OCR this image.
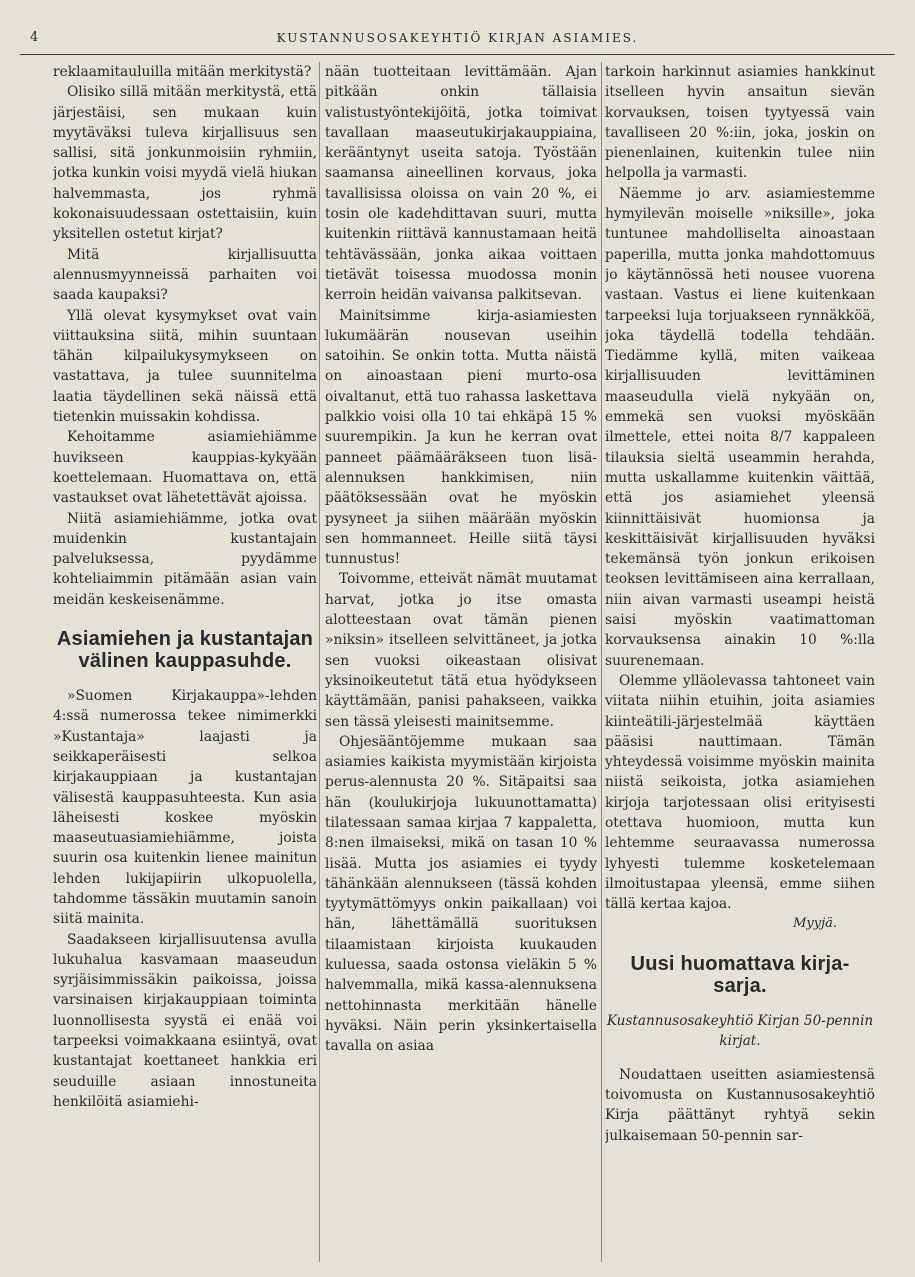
4	KUSTANNUSOSAKEYHTIÖ KIRJAN ASIAMIES.

reklaamitauluilla mitään merkitystä?

Olisiko sillä mitään merkitystä, että järjestäisi, sen mukaan kuin myytäväksi tuleva kirjallisuus sen sallisi, sitä jonkunmoisiin ryhmiin, jotka kunkin voisi myydä vielä hiukan halvemmasta, jos ryhmä kokonaisuudessaan ostettaisiin, kuin yksitellen ostetut kirjat?

Mitä kirjallisuutta alennusmyynneissä parhaiten voi saada kaupaksi?

Yllä olevat kysymykset ovat vain viittauksina siitä, mihin suuntaan tähän kilpailukysymykseen on vastattava, ja tulee suunnitelma laatia täydellinen sekä näissä että tietenkin muissakin kohdissa.

Kehoitamme asiamiehiämme huvikseen kauppias-kykyään koettelemaan. Huomattava on, että vastaukset ovat lähetettävät ajoissa.

Niitä asiamiehiämme, jotka ovat muidenkin kustantajain palveluksessa, pyydämme kohteliaimmin pitämään asian vain meidän keskeisenämme.

Asiamiehen ja kustantajan
välinen kauppasuhde.

»Suomen Kirjakauppa»-lehden 4:ssä numerossa tekee nimimerkki »Kustantaja» laajasti ja seikkaperäisesti selkoa kirjakauppiaan ja kustantajan välisestä kauppasuhteesta. Kun asia läheisesti koskee myöskin maaseutuasiamiehiämme, joista suurin osa kuitenkin lienee mainitun lehden lukijapiirin ulkopuolella, tahdomme tässäkin muutamin sanoin siitä mainita.

Saadakseen kirjallisuutensa avulla lukuhalua kasvamaan maaseudun syrjäisimmissäkin paikoissa, joissa varsinaisen kirjakauppiaan toiminta luonnollisesta syystä ei enää voi tarpeeksi voimakkaana esiintyä, ovat kustantajat koettaneet hankkia eri seuduille asiaan innostuneita henkilöitä asiamiehi-

nään tuotteitaan levittämään. Ajan pitkään onkin tällaisia valistustyöntekijöitä, jotka toimivat tavallaan maaseutukirjakauppiaina, kerääntynyt useita satoja. Työstään saamansa aineellinen korvaus, joka tavallisissa oloissa on vain 20 %, ei tosin ole kadehdittavan suuri, mutta kuitenkin riittävä kannustamaan heitä tehtävässään, jonka aikaa voittaen tietävät toisessa muodossa monin kerroin heidän vaivansa palkitsevan.

Mainitsimme kirja-asiamiesten lukumäärän nousevan useihin satoihin. Se onkin totta. Mutta näistä on ainoastaan pieni murto-osa oivaltanut, että tuo rahassa laskettava palkkio voisi olla 10 tai ehkäpä 15 % suurempikin. Ja kun he kerran ovat panneet päämääräkseen tuon lisä-alennuksen hankkimisen, niin päätöksessään ovat he myöskin pysyneet ja siihen määrään myöskin sen hommanneet. Heille siitä täysi tunnustus!

Toivomme, etteivät nämät muutamat harvat, jotka jo itse omasta alotteestaan ovat tämän pienen »niksin» itselleen selvittäneet, ja jotka sen vuoksi oikeastaan olisivat yksinoikeutetut tätä etua hyödykseen käyttämään, panisi pahakseen, vaikka sen tässä yleisesti mainitsemme.

Ohjesääntöjemme mukaan saa asiamies kaikista myymistään kirjoista perus-alennusta 20 %. Sitäpaitsi saa hän (koulukirjoja lukuunottamatta) tilatessaan samaa kirjaa 7 kappaletta, 8:nen ilmaiseksi, mikä on tasan 10 % lisää. Mutta jos asiamies ei tyydy tähänkään alennukseen (tässä kohden tyytymättömyys onkin paikallaan) voi hän, lähettämällä suorituksen tilaamistaan kirjoista kuukauden kuluessa, saada ostonsa vieläkin 5 % halvemmalla, mikä kassa-alennuksena nettohinnasta merkitään hänelle hyväksi. Näin perin yksinkertaisella tavalla on asiaa

tarkoin harkinnut asiamies hankkinut itselleen hyvin ansaitun sievän korvauksen, toisen tyytyessä vain tavalliseen 20 %:iin, joka, joskin on pienenlainen, kuitenkin tulee niin helpolla ja varmasti.

Näemme jo arv. asiamiestemme hymyilevän moiselle »niksille», joka tuntunee mahdolliselta ainoastaan paperilla, mutta jonka mahdottomuus jo käytännössä heti nousee vuorena vastaan. Vastus ei liene kuitenkaan tarpeeksi luja torjuakseen rynnäkköä, joka täydellä todella tehdään. Tiedämme kyllä, miten vaikeaa kirjallisuuden levittäminen maaseudulla vielä nykyään on, emmekä sen vuoksi myöskään ilmettele, ettei noita 8/7 kappaleen tilauksia sieltä useammin herahda, mutta uskallamme kuitenkin väittää, että jos asiamiehet yleensä kiinnittäisivät huomionsa ja keskittäisivät kirjallisuuden hyväksi tekemänsä työn jonkun erikoisen teoksen levittämiseen aina kerrallaan, niin aivan varmasti useampi heistä saisi myöskin vaatimattoman korvauksensa ainakin 10 %:lla suurenemaan.

Olemme ylläolevassa tahtoneet vain viitata niihin etuihin, joita asiamies kiinteätili-järjestelmää käyttäen pääsisi nauttimaan. Tämän yhteydessä voisimme myöskin mainita niistä seikoista, jotka asiamiehen kirjoja tarjotessaan olisi erityisesti otettava huomioon, mutta kun lehtemme seuraavassa numerossa lyhyesti tulemme kosketelemaan ilmoitustapaa yleensä, emme siihen tällä kertaa kajoa.

Myyjä.
Uusi huomattava kirja-sarja.
Kustannusosakeyhtiö Kirjan 50-pennin kirjat.

Noudattaen useitten asiamiestensä toivomusta on Kustannusosakeyhtiö Kirja päättänyt ryhtyä sekin julkaisemaan 50-pennin sar-
